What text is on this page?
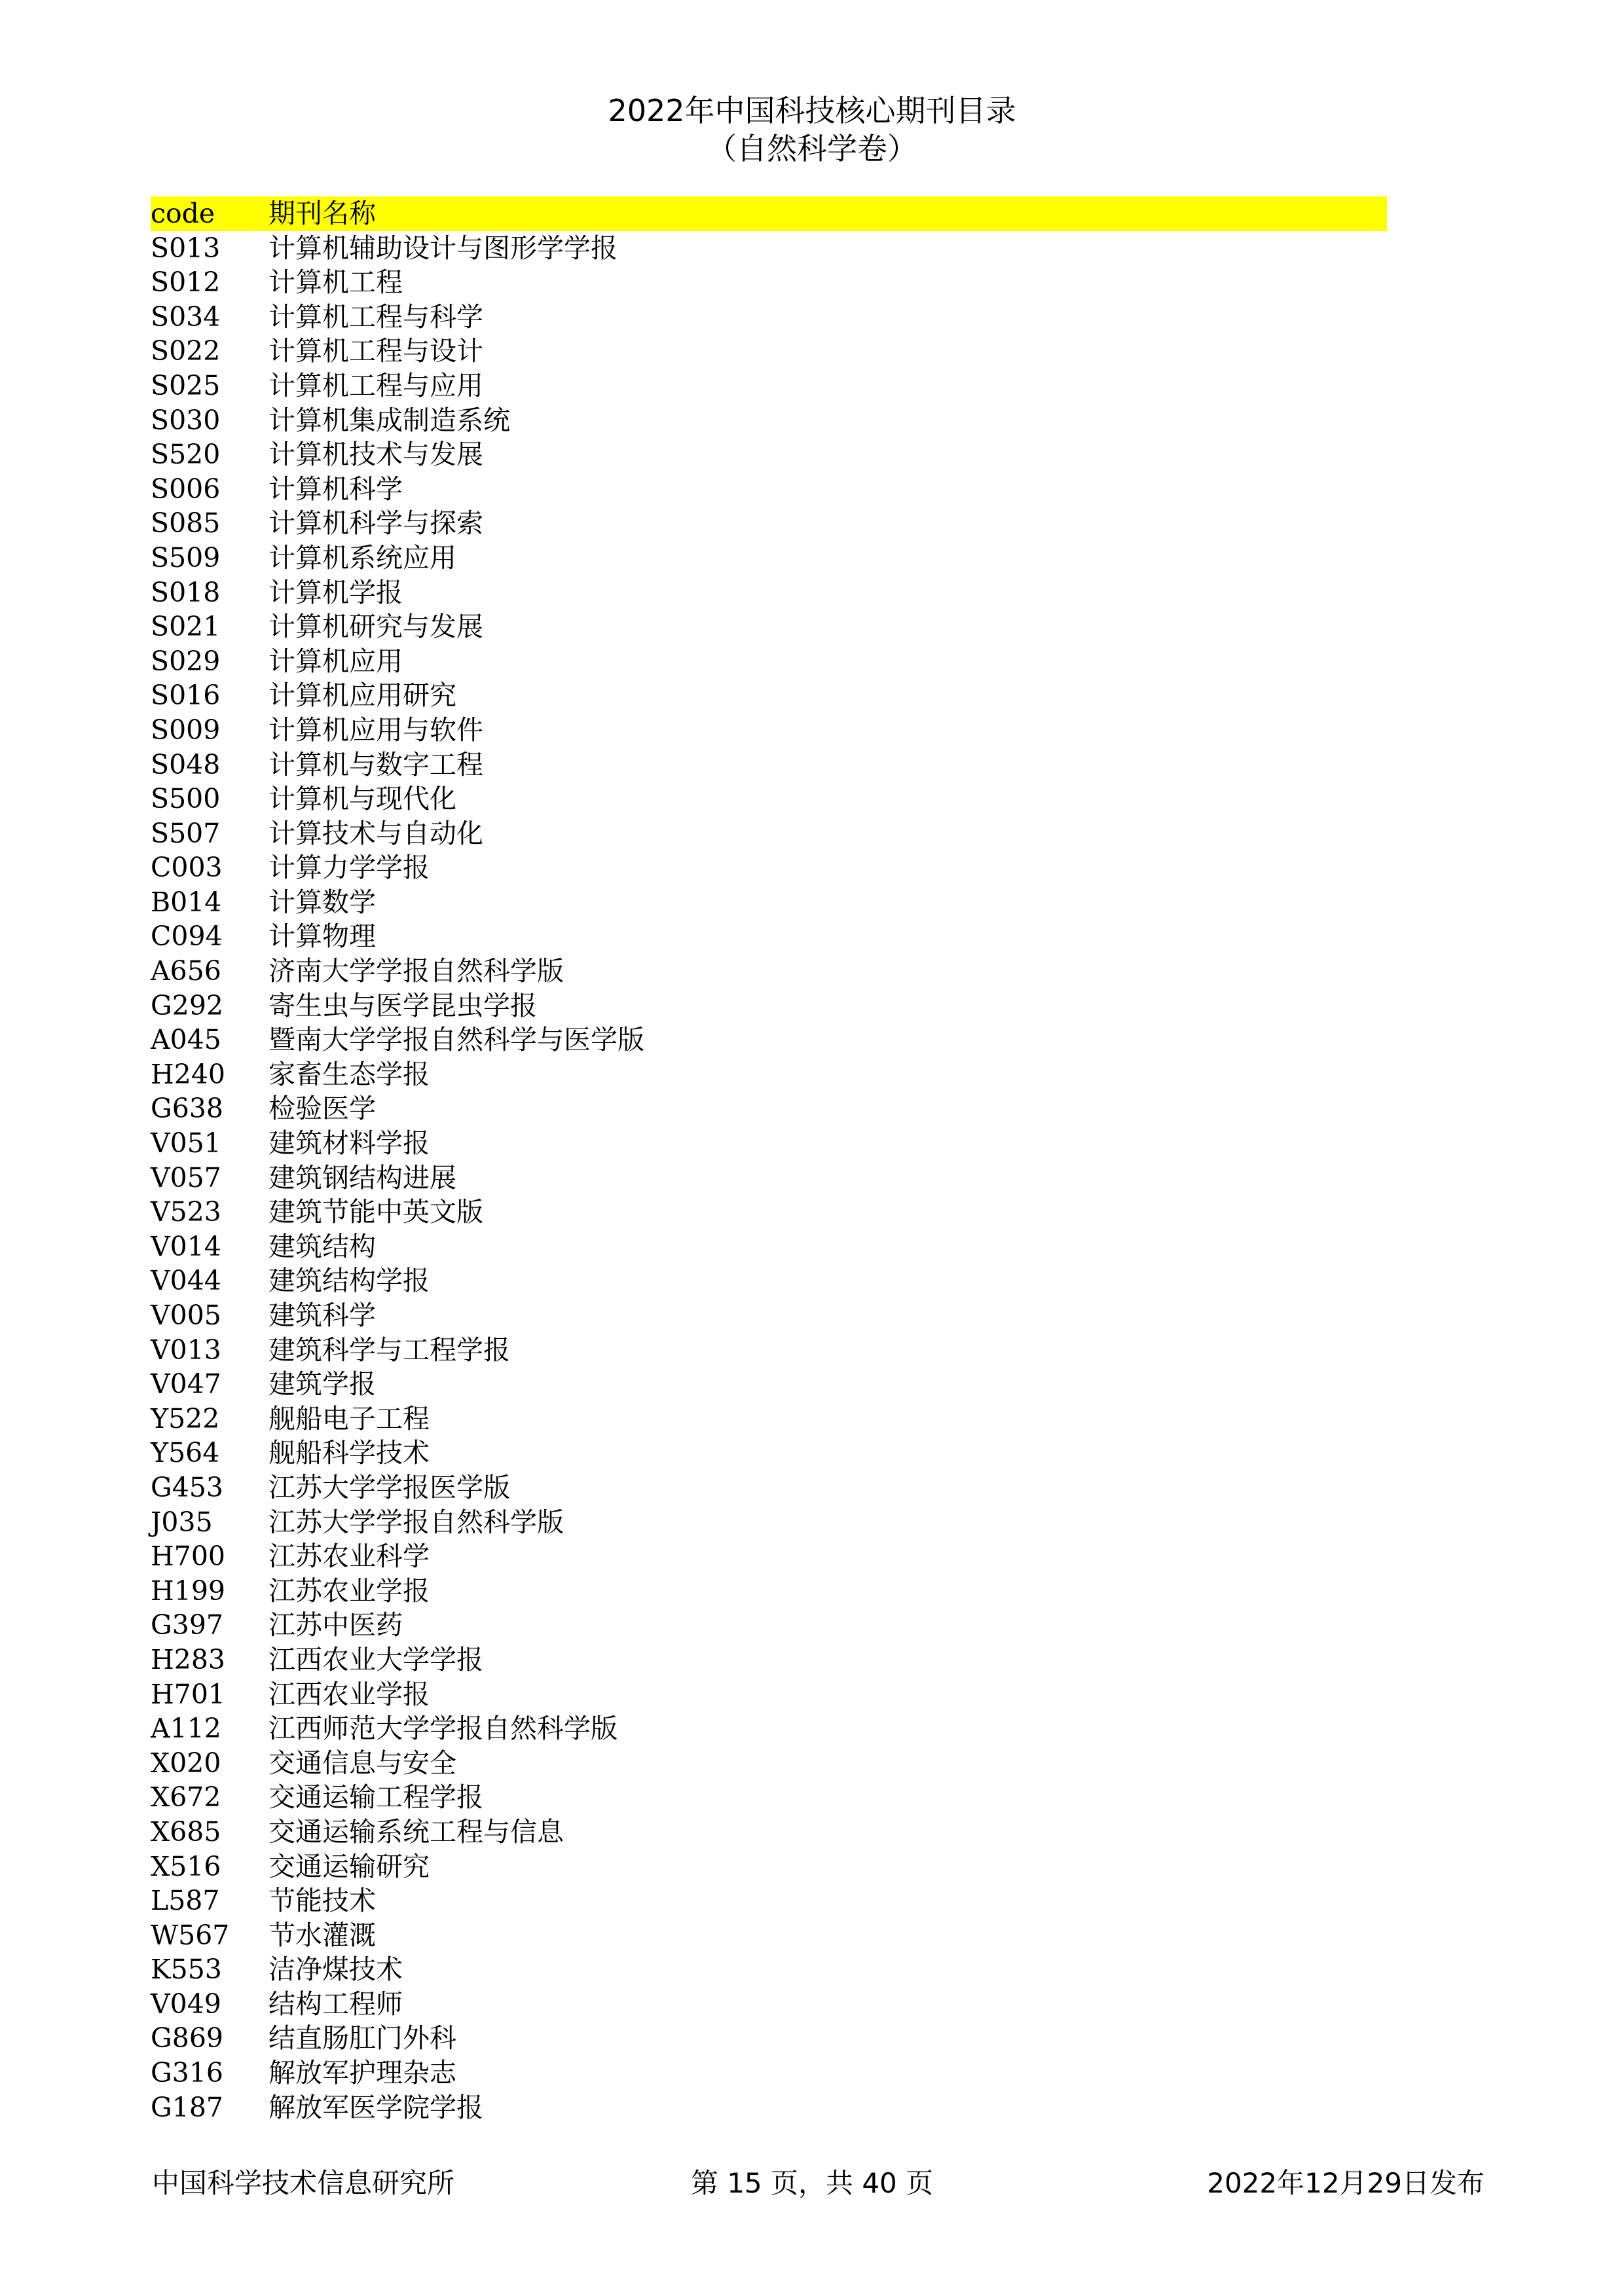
2022年中国科技核心期刊目录
（自然科学卷）
code	期刊名称
S013	计算机辅助设计与图形学学报
S012	计算机工程
S034	计算机工程与科学
S022	计算机工程与设计
S025	计算机工程与应用
S030	计算机集成制造系统
S520	计算机技术与发展
S006	计算机科学
S085	计算机科学与探索
S509	计算机系统应用
S018	计算机学报
S021	计算机研究与发展
S029	计算机应用
S016	计算机应用研究
S009	计算机应用与软件
S048	计算机与数字工程
S500	计算机与现代化
S507	计算技术与自动化
C003	计算力学学报
B014	计算数学
C094	计算物理
A656	济南大学学报自然科学版
G292	寄生虫与医学昆虫学报
A045	暨南大学学报自然科学与医学版
H240	家畜生态学报
G638	检验医学
V051	建筑材料学报
V057	建筑钢结构进展
V523	建筑节能中英文版
V014	建筑结构
V044	建筑结构学报
V005	建筑科学
V013	建筑科学与工程学报
V047	建筑学报
Y522	舰船电子工程
Y564	舰船科学技术
G453	江苏大学学报医学版
J035	江苏大学学报自然科学版
H700	江苏农业科学
H199	江苏农业学报
G397	江苏中医药
H283	江西农业大学学报
H701	江西农业学报
A112	江西师范大学学报自然科学版
X020	交通信息与安全
X672	交通运输工程学报
X685	交通运输系统工程与信息
X516	交通运输研究
L587	节能技术
W567	节水灌溉
K553	洁净煤技术
V049	结构工程师
G869	结直肠肛门外科
G316	解放军护理杂志
G187	解放军医学院学报
中国科学技术信息研究所	第 15 页，共 40 页	2022年12月29日发布
